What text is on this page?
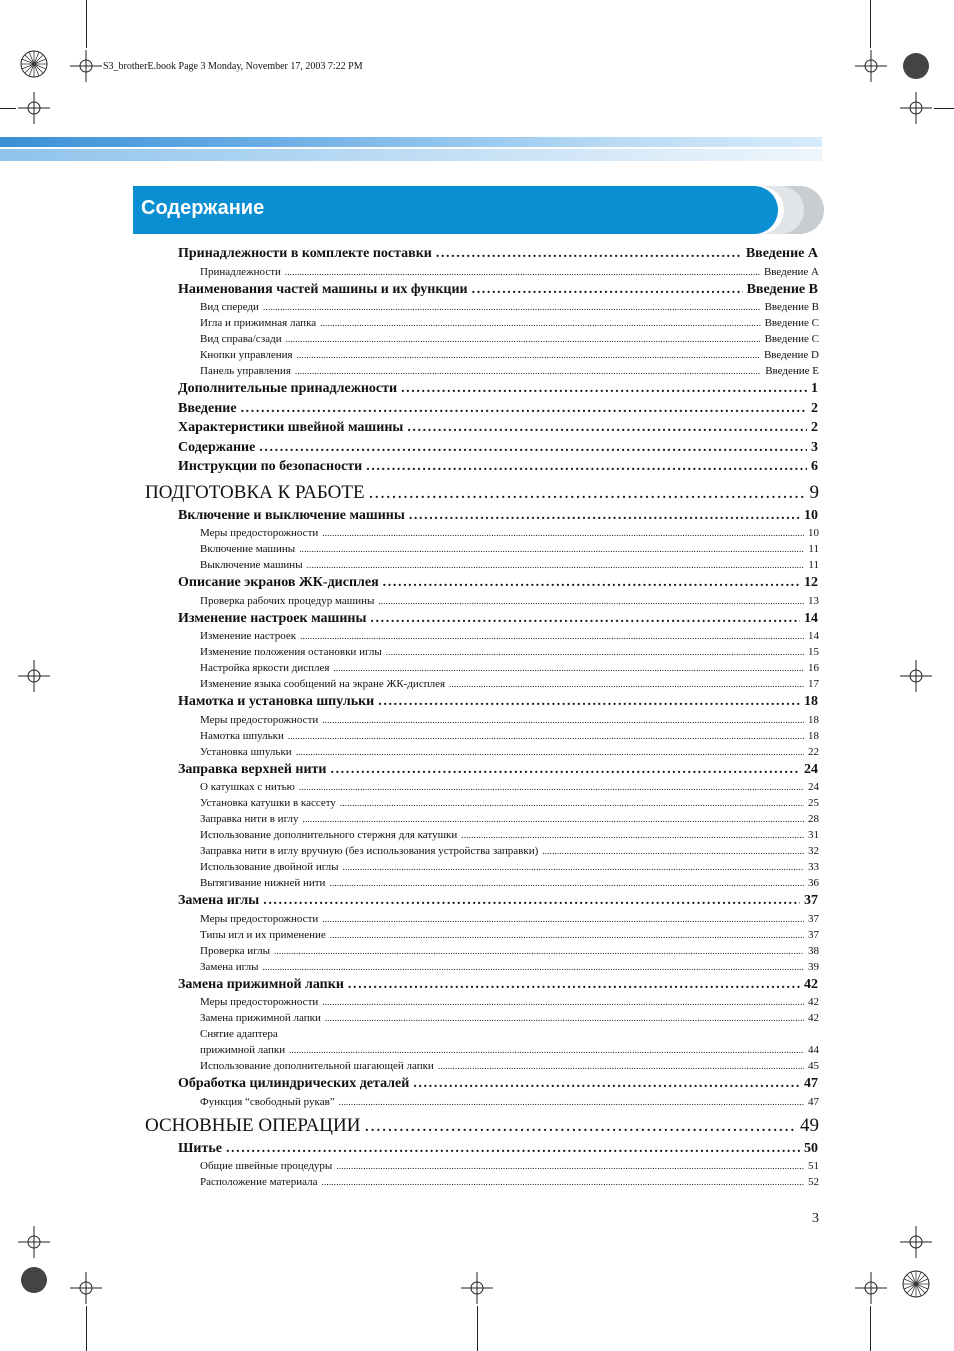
S3_brotherE.book Page 3 Monday, November 17, 2003 7:22 PM
Содержание
Принадлежности в комплекте поставки .....	Введение A
Принадлежности .....	Введение A
Наименования частей машины и их функции .....	Введение B
Вид спереди .....	Введение B
Игла и прижимная лапка .....	Введение C
Вид справа/сзади .....	Введение C
Кнопки управления .....	Введение D
Панель управления .....	Введение E
Дополнительные принадлежности .....	1
Введение .....	2
Характеристики швейной машины .....	2
Содержание .....	3
Инструкции по безопасности .....	6
ПОДГОТОВКА К РАБОТЕ .....	9
Включение и выключение машины .....	10
Меры предосторожности .....	10
Включение машины .....	11
Выключение машины .....	11
Описание экранов ЖК-дисплея .....	12
Проверка рабочих процедур машины .....	13
Изменение настроек машины .....	14
Изменение настроек .....	14
Изменение положения остановки иглы .....	15
Настройка яркости дисплея .....	16
Изменение языка сообщений на экране ЖК-дисплея .....	17
Намотка и установка шпульки .....	18
Меры предосторожности .....	18
Намотка шпульки .....	18
Установка шпульки .....	22
Заправка верхней нити .....	24
О катушках с нитью .....	24
Установка катушки в кассету .....	25
Заправка нити в иглу .....	28
Использование дополнительного стержня для катушки .....	31
Заправка нити в иглу вручную (без использования устройства заправки) .....	32
Использование двойной иглы .....	33
Вытягивание нижней нити .....	36
Замена иглы .....	37
Меры предосторожности .....	37
Типы игл и их применение .....	37
Проверка иглы .....	38
Замена иглы .....	39
Замена прижимной лапки .....	42
Меры предосторожности .....	42
Замена прижимной лапки .....	42
Снятие адаптера
прижимной лапки .....	44
Использование дополнительной шагающей лапки .....	45
Обработка цилиндрических деталей .....	47
Функция “свободный рукав” .....	47
ОСНОВНЫЕ ОПЕРАЦИИ .....	49
Шитье .....	50
Общие швейные процедуры .....	51
Расположение материала .....	52
3
